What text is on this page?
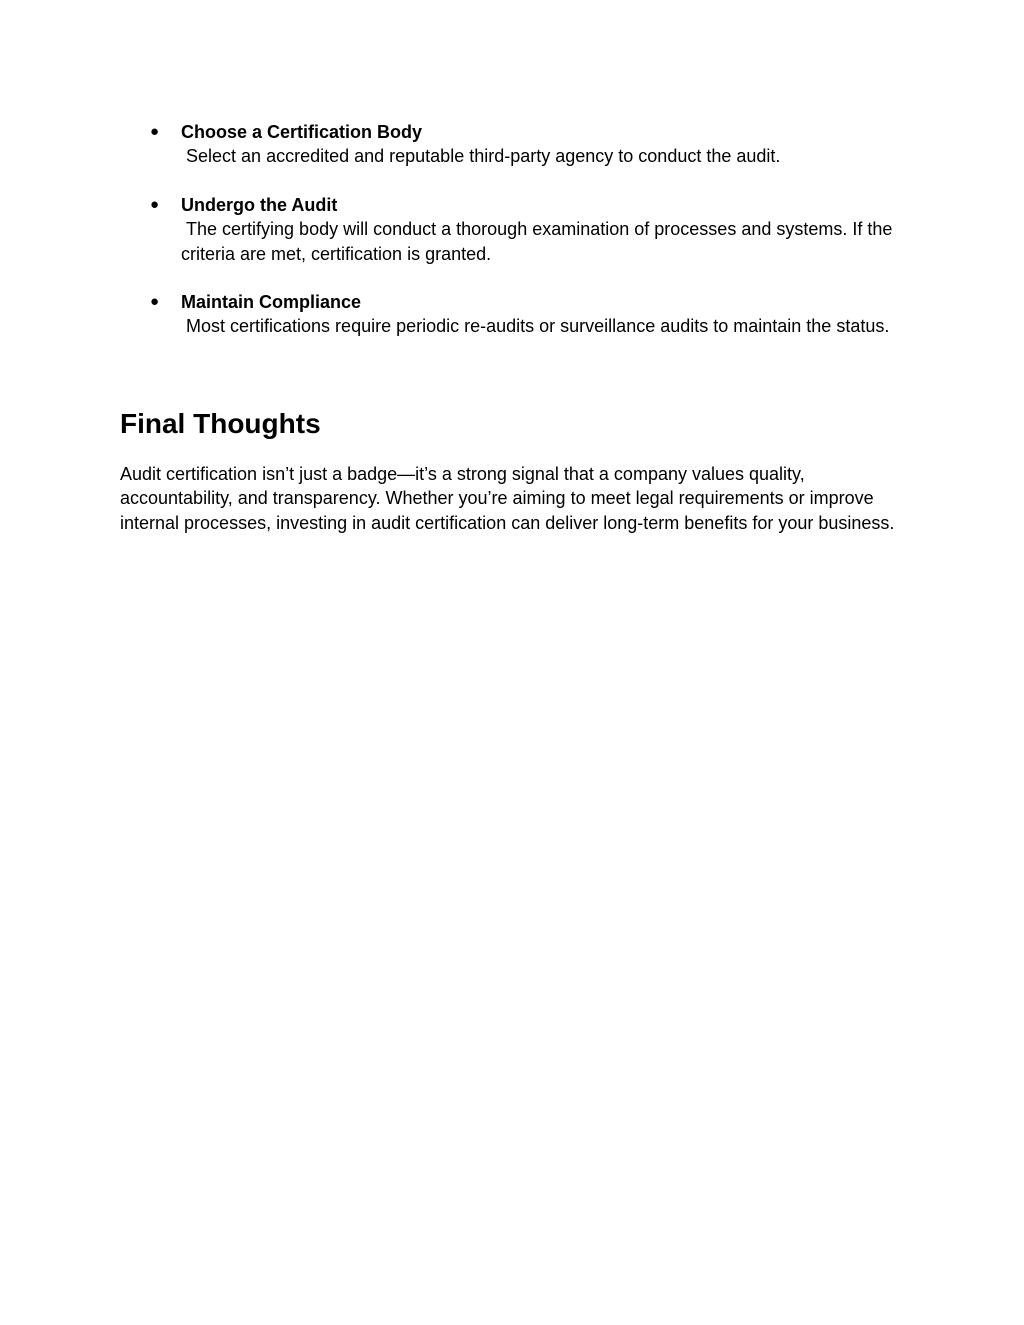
● Choose a Certification Body
Select an accredited and reputable third-party agency to conduct the audit.
● Undergo the Audit
The certifying body will conduct a thorough examination of processes and systems. If the criteria are met, certification is granted.
● Maintain Compliance
Most certifications require periodic re-audits or surveillance audits to maintain the status.
Final Thoughts

Audit certification isn’t just a badge—it’s a strong signal that a company values quality, accountability, and transparency. Whether you’re aiming to meet legal requirements or improve internal processes, investing in audit certification can deliver long-term benefits for your business.
